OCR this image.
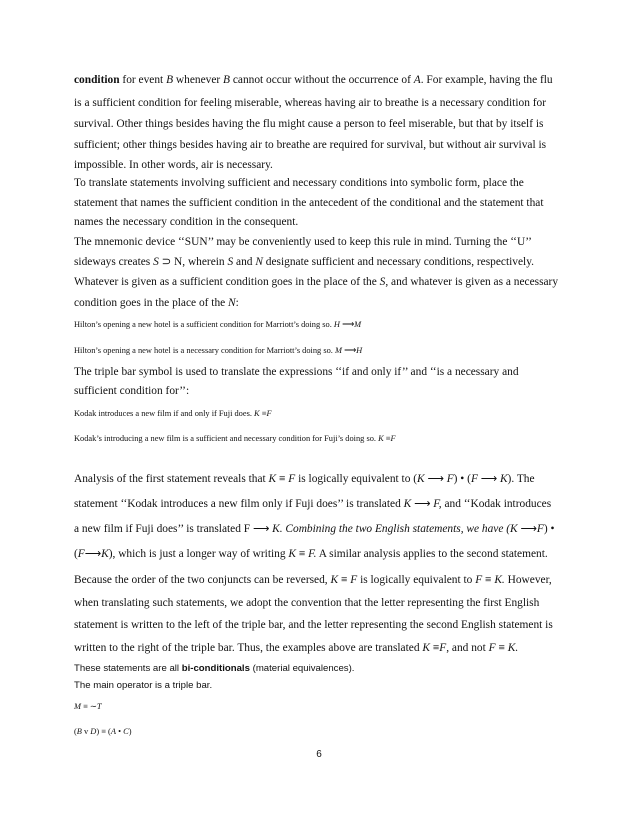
condition for event B whenever B cannot occur without the occurrence of A. For example, having the flu
is a sufficient condition for feeling miserable, whereas having air to breathe is a necessary condition for
survival. Other things besides having the flu might cause a person to feel miserable, but that by itself is
sufficient; other things besides having air to breathe are required for survival, but without air survival is
impossible. In other words, air is necessary.
To translate statements involving sufficient and necessary conditions into symbolic form, place the
statement that names the sufficient condition in the antecedent of the conditional and the statement that
names the necessary condition in the consequent.
The mnemonic device ‘‘SUN’’ may be conveniently used to keep this rule in mind. Turning the ‘‘U’’
sideways creates S ⊃ N, wherein S and N designate sufficient and necessary conditions, respectively.
Whatever is given as a sufficient condition goes in the place of the S, and whatever is given as a necessary
condition goes in the place of the N:
Hilton’s opening a new hotel is a sufficient condition for Marriott’s doing so. H ⟶M
Hilton’s opening a new hotel is a necessary condition for Marriott’s doing so. M ⟶H
The triple bar symbol is used to translate the expressions ‘‘if and only if’’ and ‘‘is a necessary and
sufficient condition for’’:
Kodak introduces a new film if and only if Fuji does. K ≡F
Kodak’s introducing a new film is a sufficient and necessary condition for Fuji’s doing so. K ≡F
Analysis of the first statement reveals that K ≡ F is logically equivalent to (K ⟶ F) • (F ⟶ K). The
statement ‘‘Kodak introduces a new film only if Fuji does’’ is translated K ⟶ F, and ‘‘Kodak introduces
a new film if Fuji does’’ is translated F ⟶ K. Combining the two English statements, we have (K ⟶F) •
(F⟶K), which is just a longer way of writing K ≡ F. A similar analysis applies to the second statement.
Because the order of the two conjuncts can be reversed, K ≡ F is logically equivalent to F ≡ K. However,
when translating such statements, we adopt the convention that the letter representing the first English
statement is written to the left of the triple bar, and the letter representing the second English statement is
written to the right of the triple bar. Thus, the examples above are translated K ≡F, and not F ≡ K.
These statements are all bi-conditionals (material equivalences).
The main operator is a triple bar.
M ≡ ∼T
(B v D) ≡ (A • C)
6
